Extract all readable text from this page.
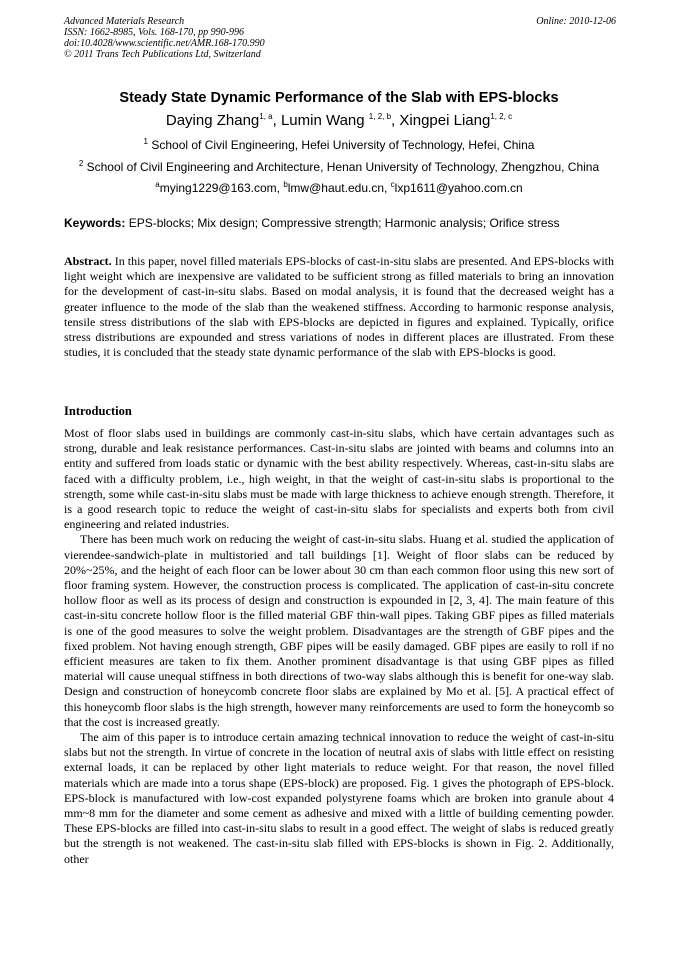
Advanced Materials Research
ISSN: 1662-8985, Vols. 168-170, pp 990-996
doi:10.4028/www.scientific.net/AMR.168-170.990
© 2011 Trans Tech Publications Ltd, Switzerland
Online: 2010-12-06
Steady State Dynamic Performance of the Slab with EPS-blocks
Daying Zhang$^{1, a}$, Lumin Wang $^{1, 2, b}$, Xingpei Liang$^{1, 2, c}$
$^1$ School of Civil Engineering, Hefei University of Technology, Hefei, China
$^2$ School of Civil Engineering and Architecture, Henan University of Technology, Zhengzhou, China
$^a$mying1229@163.com, $^b$lmw@haut.edu.cn, $^c$lxp1611@yahoo.com.cn
Keywords: EPS-blocks; Mix design; Compressive strength; Harmonic analysis; Orifice stress

Abstract. In this paper, novel filled materials EPS-blocks of cast-in-situ slabs are presented. And EPS-blocks with light weight which are inexpensive are validated to be sufficient strong as filled materials to bring an innovation for the development of cast-in-situ slabs. Based on modal analysis, it is found that the decreased weight has a greater influence to the mode of the slab than the weakened stiffness. According to harmonic response analysis, tensile stress distributions of the slab with EPS-blocks are depicted in figures and explained. Typically, orifice stress distributions are expounded and stress variations of nodes in different places are illustrated. From these studies, it is concluded that the steady state dynamic performance of the slab with EPS-blocks is good.

Introduction

Most of floor slabs used in buildings are commonly cast-in-situ slabs, which have certain advantages such as strong, durable and leak resistance performances. Cast-in-situ slabs are jointed with beams and columns into an entity and suffered from loads static or dynamic with the best ability respectively. Whereas, cast-in-situ slabs are faced with a difficulty problem, i.e., high weight, in that the weight of cast-in-situ slabs is proportional to the strength, some while cast-in-situ slabs must be made with large thickness to achieve enough strength. Therefore, it is a good research topic to reduce the weight of cast-in-situ slabs for specialists and experts both from civil engineering and related industries.

There has been much work on reducing the weight of cast-in-situ slabs. Huang et al. studied the application of vierendee-sandwich-plate in multistoried and tall buildings [1]. Weight of floor slabs can be reduced by 20%~25%, and the height of each floor can be lower about 30 cm than each common floor using this new sort of floor framing system. However, the construction process is complicated. The application of cast-in-situ concrete hollow floor as well as its process of design and construction is expounded in [2, 3, 4]. The main feature of this cast-in-situ concrete hollow floor is the filled material GBF thin-wall pipes. Taking GBF pipes as filled materials is one of the good measures to solve the weight problem. Disadvantages are the strength of GBF pipes and the fixed problem. Not having enough strength, GBF pipes will be easily damaged. GBF pipes are easily to roll if no efficient measures are taken to fix them. Another prominent disadvantage is that using GBF pipes as filled material will cause unequal stiffness in both directions of two-way slabs although this is benefit for one-way slab. Design and construction of honeycomb concrete floor slabs are explained by Mo et al. [5]. A practical effect of this honeycomb floor slabs is the high strength, however many reinforcements are used to form the honeycomb so that the cost is increased greatly.

The aim of this paper is to introduce certain amazing technical innovation to reduce the weight of cast-in-situ slabs but not the strength. In virtue of concrete in the location of neutral axis of slabs with little effect on resisting external loads, it can be replaced by other light materials to reduce weight. For that reason, the novel filled materials which are made into a torus shape (EPS-block) are proposed. Fig. 1 gives the photograph of EPS-block. EPS-block is manufactured with low-cost expanded polystyrene foams which are broken into granule about 4 mm~8 mm for the diameter and some cement as adhesive and mixed with a little of building cementing powder. These EPS-blocks are filled into cast-in-situ slabs to result in a good effect. The weight of slabs is reduced greatly but the strength is not weakened. The cast-in-situ slab filled with EPS-blocks is shown in Fig. 2. Additionally, other
